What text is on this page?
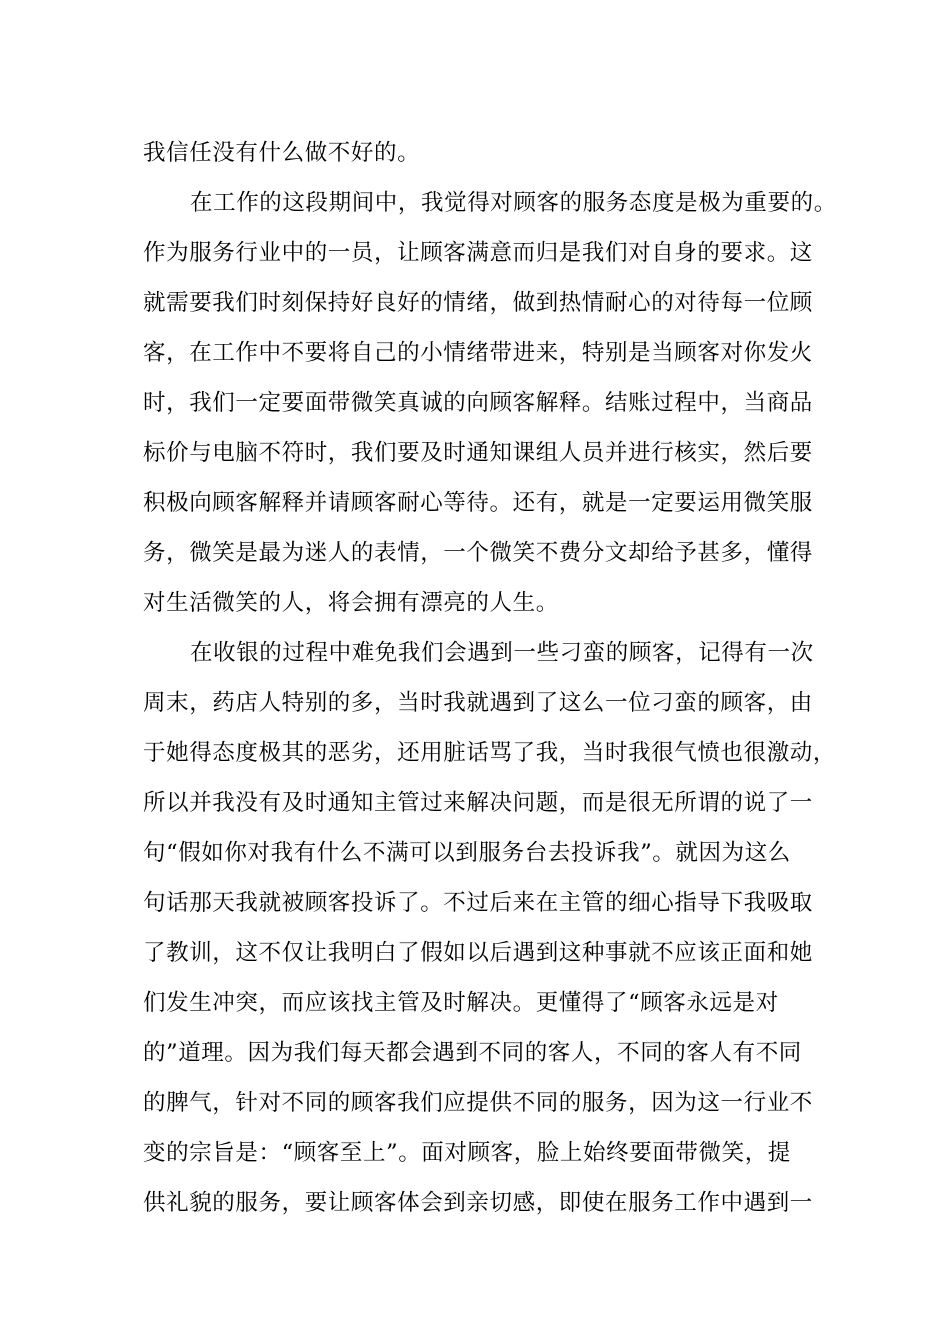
我信任没有什么做不好的。
在工作的这段期间中，我觉得对顾客的服务态度是极为重要的。
作为服务行业中的一员，让顾客满意而归是我们对自身的要求。这
就需要我们时刻保持好良好的情绪，做到热情耐心的对待每一位顾
客，在工作中不要将自己的小情绪带进来，特别是当顾客对你发火
时，我们一定要面带微笑真诚的向顾客解释。结账过程中，当商品
标价与电脑不符时，我们要及时通知课组人员并进行核实，然后要
积极向顾客解释并请顾客耐心等待。还有，就是一定要运用微笑服
务，微笑是最为迷人的表情，一个微笑不费分文却给予甚多，懂得
对生活微笑的人，将会拥有漂亮的人生。
在收银的过程中难免我们会遇到一些刁蛮的顾客，记得有一次
周末，药店人特别的多，当时我就遇到了这么一位刁蛮的顾客，由
于她得态度极其的恶劣，还用脏话骂了我，当时我很气愤也很激动，
所以并我没有及时通知主管过来解决问题，而是很无所谓的说了一
句“假如你对我有什么不满可以到服务台去投诉我”。就因为这么
句话那天我就被顾客投诉了。不过后来在主管的细心指导下我吸取
了教训，这不仅让我明白了假如以后遇到这种事就不应该正面和她
们发生冲突，而应该找主管及时解决。更懂得了“顾客永远是对
的”道理。因为我们每天都会遇到不同的客人，不同的客人有不同
的脾气，针对不同的顾客我们应提供不同的服务，因为这一行业不
变的宗旨是：“顾客至上”。面对顾客，脸上始终要面带微笑，提
供礼貌的服务，要让顾客体会到亲切感，即使在服务工作中遇到一
